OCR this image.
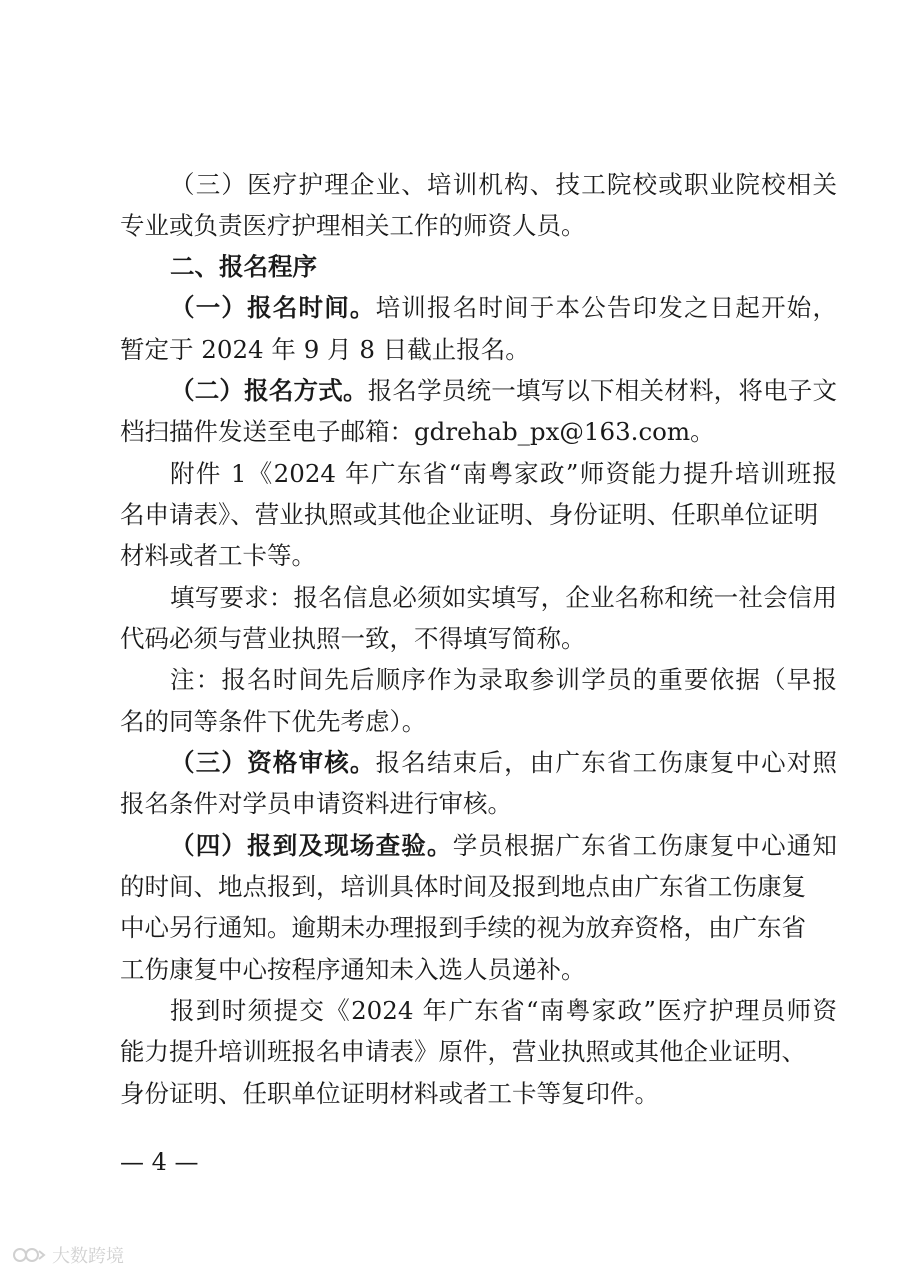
（三）医疗护理企业、培训机构、技工院校或职业院校相关
专业或负责医疗护理相关工作的师资人员。
二、报名程序
（一）报名时间。培训报名时间于本公告印发之日起开始，
暂定于 2024 年 9 月 8 日截止报名。
（二）报名方式。报名学员统一填写以下相关材料，将电子文
档扫描件发送至电子邮箱：gdrehab_px@163.com。
附件 1《2024 年广东省“南粤家政”师资能力提升培训班报
名申请表》、营业执照或其他企业证明、身份证明、任职单位证明
材料或者工卡等。
填写要求：报名信息必须如实填写，企业名称和统一社会信用
代码必须与营业执照一致，不得填写简称。
注：报名时间先后顺序作为录取参训学员的重要依据（早报
名的同等条件下优先考虑）。
（三）资格审核。报名结束后，由广东省工伤康复中心对照
报名条件对学员申请资料进行审核。
（四）报到及现场查验。学员根据广东省工伤康复中心通知
的时间、地点报到，培训具体时间及报到地点由广东省工伤康复
中心另行通知。逾期未办理报到手续的视为放弃资格，由广东省
工伤康复中心按程序通知未入选人员递补。
报到时须提交《2024 年广东省“南粤家政”医疗护理员师资
能力提升培训班报名申请表》原件，营业执照或其他企业证明、
身份证明、任职单位证明材料或者工卡等复印件。
— 4 —
大数跨境
